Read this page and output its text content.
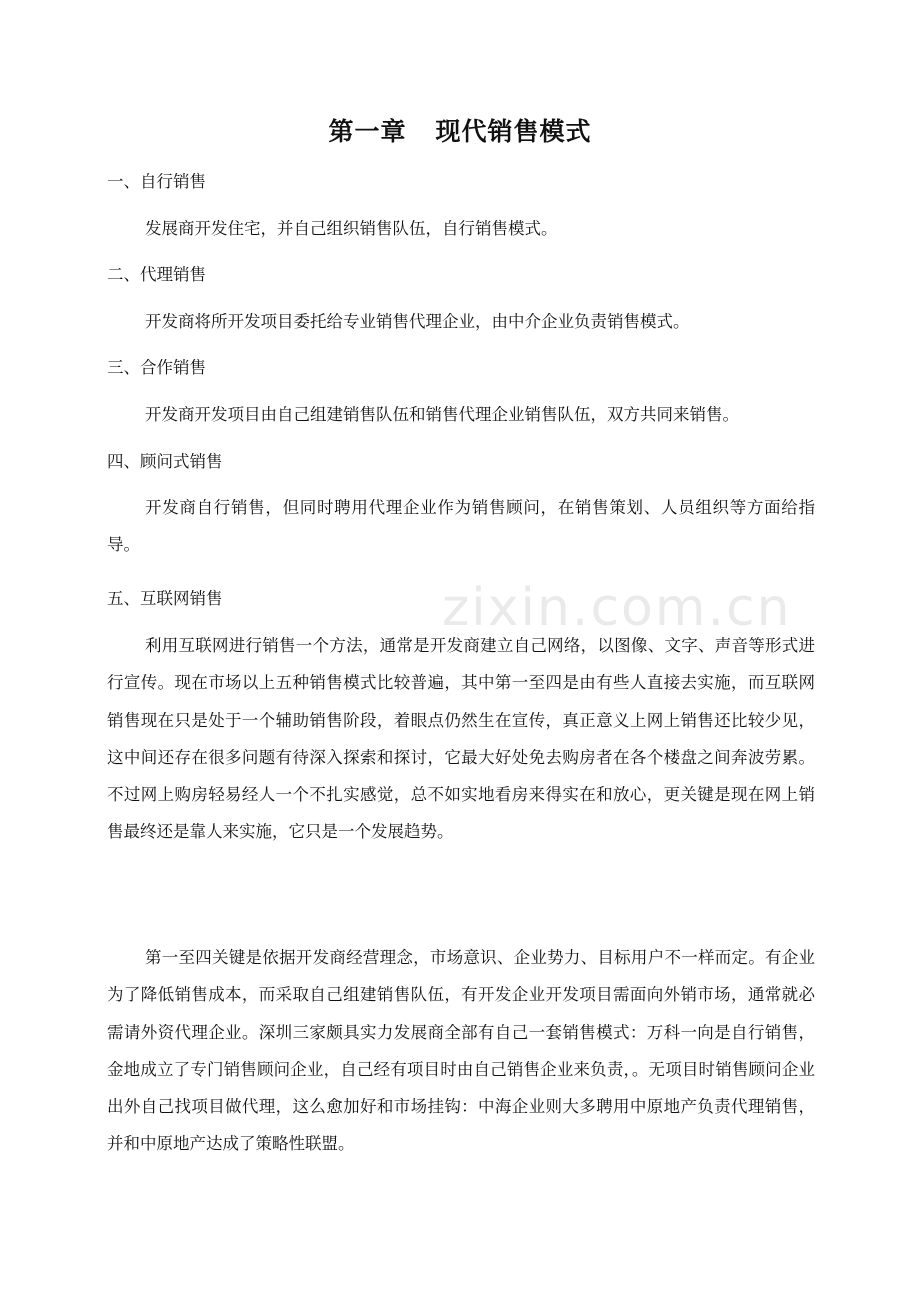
第一章   现代销售模式
一、自行销售

发展商开发住宅，并自己组织销售队伍，自行销售模式。

二、代理销售

开发商将所开发项目委托给专业销售代理企业，由中介企业负责销售模式。

三、合作销售

开发商开发项目由自己组建销售队伍和销售代理企业销售队伍，双方共同来销售。

四、顾问式销售

开发商自行销售，但同时聘用代理企业作为销售顾问，在销售策划、人员组织等方面给指导。

五、互联网销售

利用互联网进行销售一个方法，通常是开发商建立自己网络，以图像、文字、声音等形式进行宣传。现在市场以上五种销售模式比较普遍，其中第一至四是由有些人直接去实施，而互联网销售现在只是处于一个辅助销售阶段，着眼点仍然生在宣传，真正意义上网上销售还比较少见，这中间还存在很多问题有待深入探索和探讨，它最大好处免去购房者在各个楼盘之间奔波劳累。不过网上购房轻易经人一个不扎实感觉，总不如实地看房来得实在和放心，更关键是现在网上销售最终还是靠人来实施，它只是一个发展趋势。

第一至四关键是依据开发商经营理念，市场意识、企业势力、目标用户不一样而定。有企业为了降低销售成本，而采取自己组建销售队伍，有开发企业开发项目需面向外销市场，通常就必需请外资代理企业。深圳三家颇具实力发展商全部有自己一套销售模式：万科一向是自行销售，金地成立了专门销售顾问企业，自己经有项目时由自己销售企业来负责，。无项目时销售顾问企业出外自己找项目做代理，这么愈加好和市场挂钩：中海企业则大多聘用中原地产负责代理销售，并和中原地产达成了策略性联盟。

zixin.com.cn
